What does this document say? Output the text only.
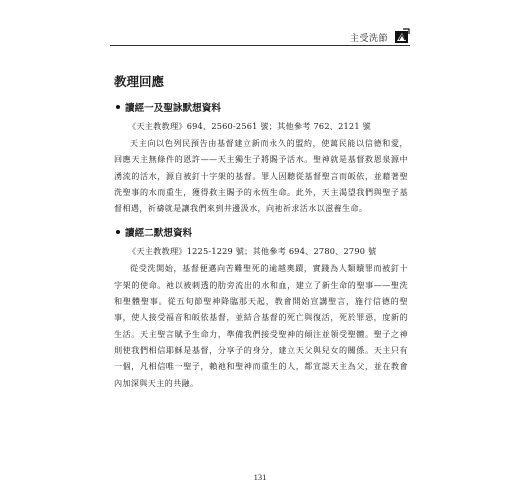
主受洗節
教理回應
讀經一及聖詠默想資料
《天主教教理》694、2560-2561 號；其他參考 762、2121 號

天主向以色列民預告由基督建立新而永久的盟約，使萬民能以信德和愛，回應天主無條件的恩許——天主獨生子將賜予活水。聖神就是基督救恩泉源中湧流的活水，源自被釘十字架的基督。罪人因聽從基督聖言而皈依，並藉著聖洗聖事的水而重生，獲得救主賜予的永恆生命。此外，天主渴望我們與聖子基督相遇，祈禱就是讓我們來到井邊汲水，向祂祈求活水以滋養生命。

讀經二默想資料
《天主教教理》1225-1229 號；其他參考 694、2780、2790 號

從受洗開始，基督便邁向苦難聖死的逾越奧蹟，實踐為人類贖罪而被釘十字架的使命。祂以被刺透的肋旁流出的水和血，建立了新生命的聖事——聖洗和聖體聖事。從五旬節聖神降臨那天起，教會開始宣講聖言，施行信德的聖事，使人接受福音和皈依基督，並結合基督的死亡與復活，死於罪惡，度新的生活。天主聖言賦予生命力，準備我們接受聖神的傾注並領受聖體。聖子之神則使我們相信耶穌是基督，分享子的身分，建立天父與兒女的關係。天主只有一個，凡相信唯一聖子，賴祂和聖神而重生的人，都宣認天主為父，並在教會內加深與天主的共融。

131
